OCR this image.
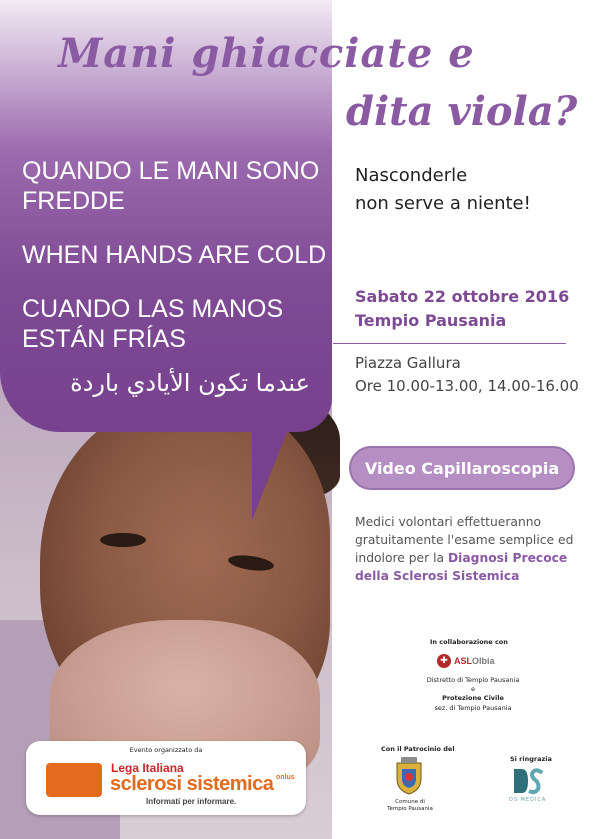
Mani ghiacciate e
dita viola?
QUANDO LE MANI SONO
FREDDE
WHEN HANDS ARE COLD
CUANDO LAS MANOS
ESTÁN FRÍAS
عندما تكون الأيادي باردة
Nasconderle
non serve a niente!
Sabato 22 ottobre 2016
Tempio Pausania
Piazza Gallura
Ore 10.00-13.00, 14.00-16.00
Video Capillaroscopia
Medici volontari effettueranno gratuitamente l'esame semplice ed indolore per la Diagnosi Precoce della Sclerosi Sistemica
In collaborazione con
✚ ASLOlbia
Distretto di Tempio Pausania
e
Protezione Civile
sez. di Tempio Pausania
Con il Patrocinio del
Comune di
Tempio Pausania
Si ringrazia
DS MEDICA
Evento organizzato da
Lega Italiana
sclerosi sistemica onlus
Informati per informare.
